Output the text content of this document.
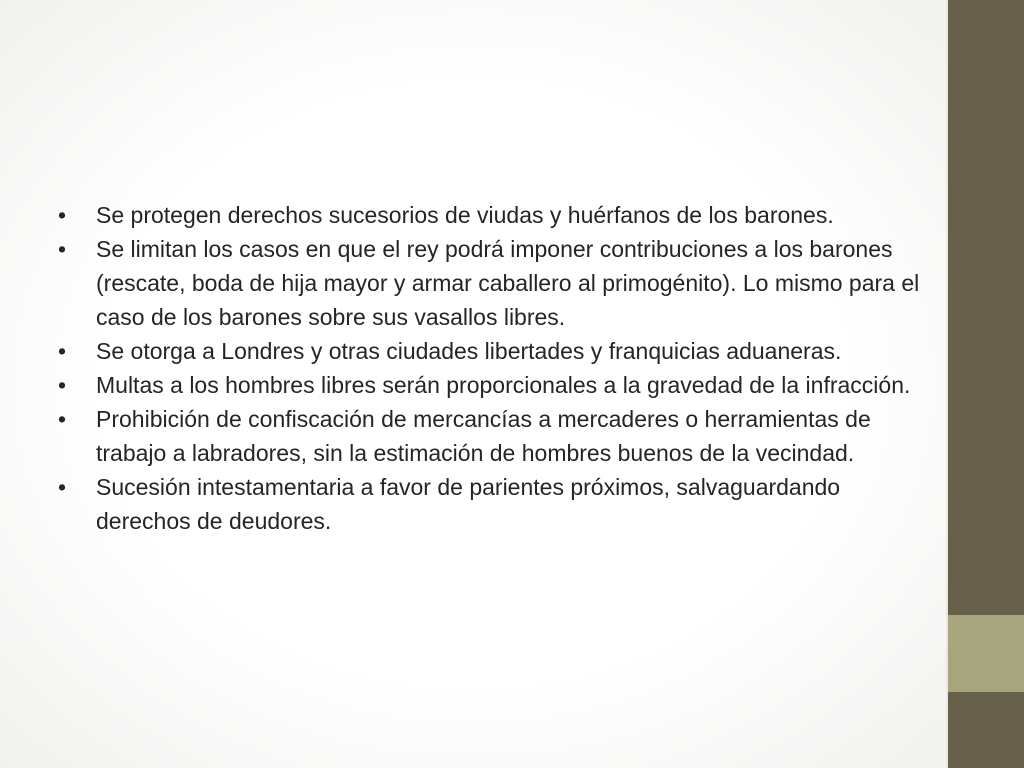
•	Se protegen derechos sucesorios de viudas y huérfanos de los barones.
•	Se limitan los casos en que el rey podrá imponer contribuciones a los barones (rescate, boda de hija mayor y armar caballero al primogénito). Lo mismo para el caso de los barones sobre sus vasallos libres.
•	Se otorga a Londres y otras ciudades libertades y franquicias aduaneras.
•	Multas a los hombres libres serán proporcionales a la gravedad de la infracción.
•	Prohibición de confiscación de mercancías a mercaderes o herramientas de trabajo a labradores, sin la estimación de hombres buenos de la vecindad.
•	Sucesión intestamentaria a favor de parientes próximos, salvaguardando derechos de deudores.
